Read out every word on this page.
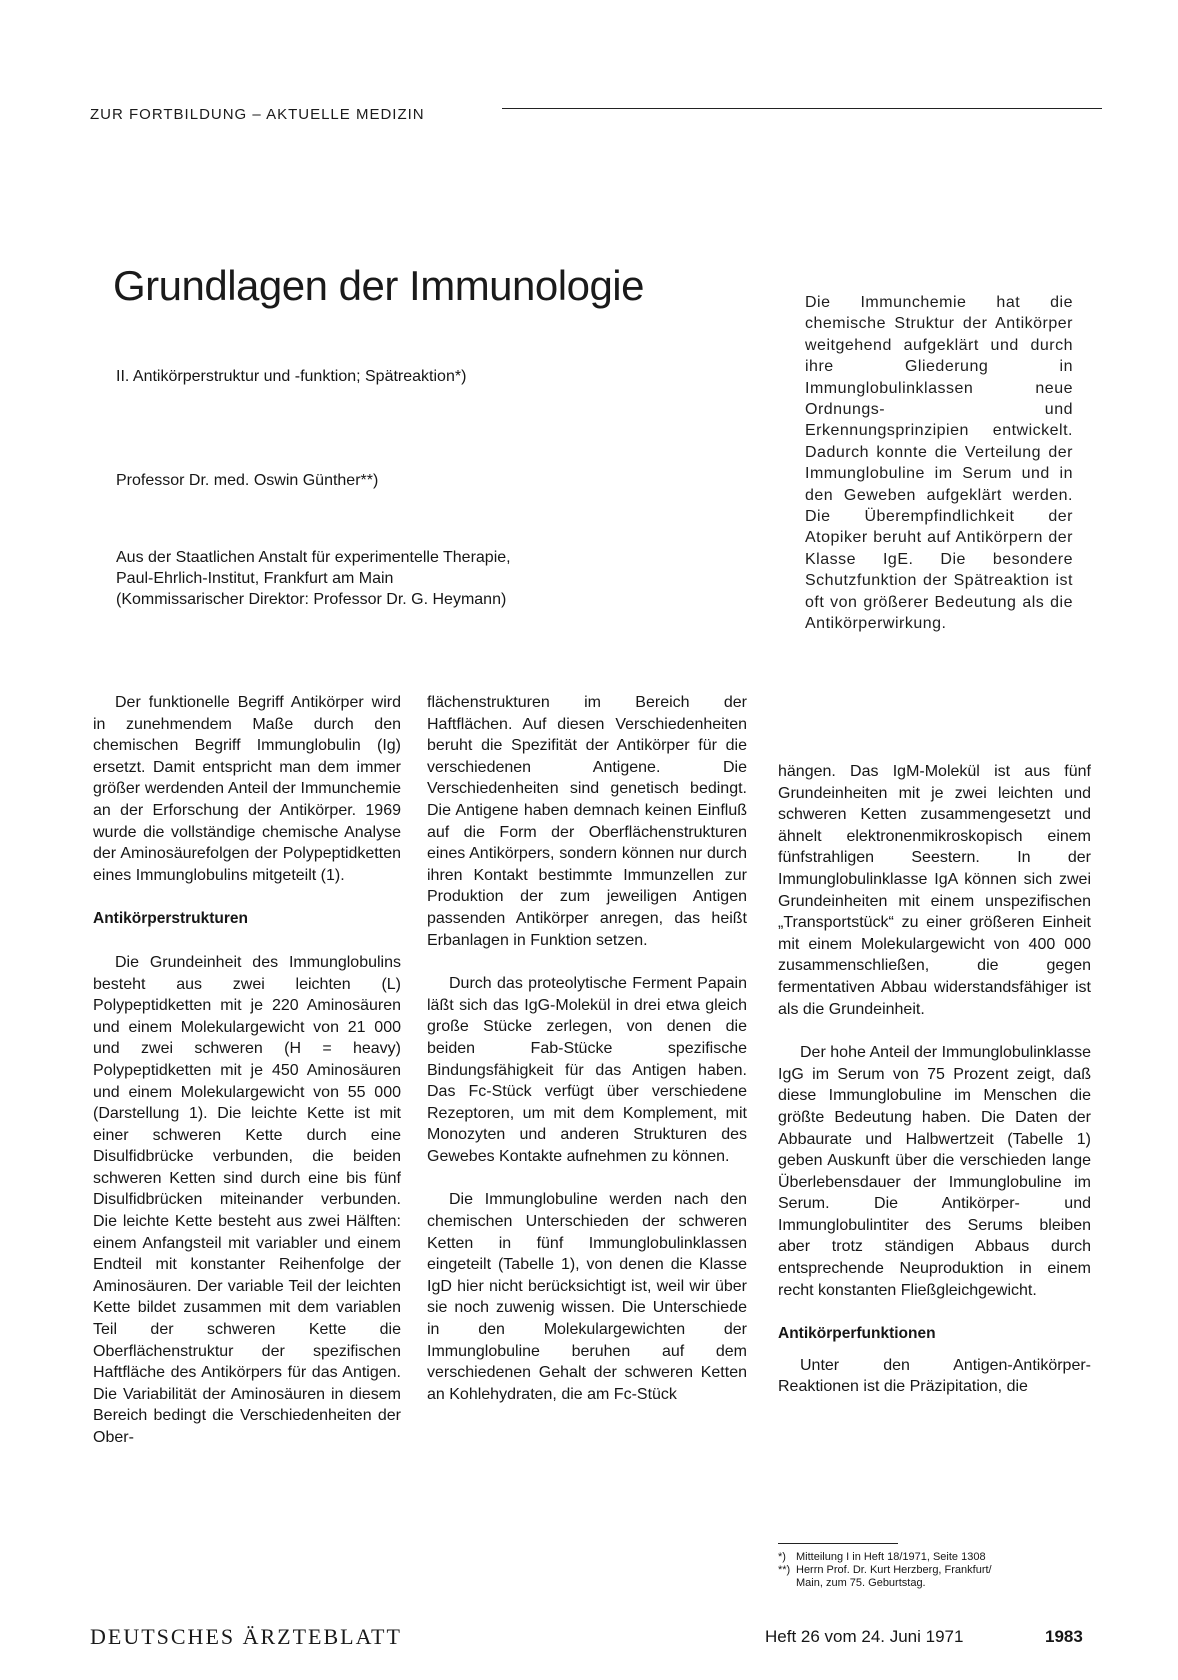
ZUR FORTBILDUNG – AKTUELLE MEDIZIN
Grundlagen der Immunologie
II. Antikörperstruktur und -funktion; Spätreaktion*)
Professor Dr. med. Oswin Günther**)
Aus der Staatlichen Anstalt für experimentelle Therapie,
Paul-Ehrlich-Institut, Frankfurt am Main
(Kommissarischer Direktor: Professor Dr. G. Heymann)

Die Immunchemie hat die chemische Struktur der Antikörper weitgehend aufgeklärt und durch ihre Gliederung in Immunglobulinklassen neue Ordnungs- und Erkennungsprinzipien entwickelt. Dadurch konnte die Verteilung der Immunglobuline im Serum und in den Geweben aufgeklärt werden. Die Überempfindlichkeit der Atopiker beruht auf Antikörpern der Klasse IgE. Die besondere Schutzfunktion der Spätreaktion ist oft von größerer Bedeutung als die Antikörperwirkung.

Der funktionelle Begriff Antikörper wird in zunehmendem Maße durch den chemischen Begriff Immunglobulin (Ig) ersetzt. Damit entspricht man dem immer größer werdenden Anteil der Immunchemie an der Erforschung der Antikörper. 1969 wurde die vollständige chemische Analyse der Aminosäurefolgen der Polypeptidketten eines Immunglobulins mitgeteilt (1).

Antikörperstrukturen

Die Grundeinheit des Immunglobulins besteht aus zwei leichten (L) Polypeptidketten mit je 220 Aminosäuren und einem Molekulargewicht von 21 000 und zwei schweren (H = heavy) Polypeptidketten mit je 450 Aminosäuren und einem Molekulargewicht von 55 000 (Darstellung 1). Die leichte Kette ist mit einer schweren Kette durch eine Disulfidbrücke verbunden, die beiden schweren Ketten sind durch eine bis fünf Disulfidbrücken miteinander verbunden. Die leichte Kette besteht aus zwei Hälften: einem Anfangsteil mit variabler und einem Endteil mit konstanter Reihenfolge der Aminosäuren. Der variable Teil der leichten Kette bildet zusammen mit dem variablen Teil der schweren Kette die Oberflächenstruktur der spezifischen Haftfläche des Antikörpers für das Antigen. Die Variabilität der Aminosäuren in diesem Bereich bedingt die Verschiedenheiten der Ober-

flächenstrukturen im Bereich der Haftflächen. Auf diesen Verschiedenheiten beruht die Spezifität der Antikörper für die verschiedenen Antigene. Die Verschiedenheiten sind genetisch bedingt. Die Antigene haben demnach keinen Einfluß auf die Form der Oberflächenstrukturen eines Antikörpers, sondern können nur durch ihren Kontakt bestimmte Immunzellen zur Produktion der zum jeweiligen Antigen passenden Antikörper anregen, das heißt Erbanlagen in Funktion setzen.

Durch das proteolytische Ferment Papain läßt sich das IgG-Molekül in drei etwa gleich große Stücke zerlegen, von denen die beiden Fab-Stücke spezifische Bindungsfähigkeit für das Antigen haben. Das Fc-Stück verfügt über verschiedene Rezeptoren, um mit dem Komplement, mit Monozyten und anderen Strukturen des Gewebes Kontakte aufnehmen zu können.

Die Immunglobuline werden nach den chemischen Unterschieden der schweren Ketten in fünf Immunglobulinklassen eingeteilt (Tabelle 1), von denen die Klasse IgD hier nicht berücksichtigt ist, weil wir über sie noch zuwenig wissen. Die Unterschiede in den Molekulargewichten der Immunglobuline beruhen auf dem verschiedenen Gehalt der schweren Ketten an Kohlehydraten, die am Fc-Stück

hängen. Das IgM-Molekül ist aus fünf Grundeinheiten mit je zwei leichten und schweren Ketten zusammengesetzt und ähnelt elektronenmikroskopisch einem fünfstrahligen Seestern. In der Immunglobulinklasse IgA können sich zwei Grundeinheiten mit einem unspezifischen „Transportstück“ zu einer größeren Einheit mit einem Molekulargewicht von 400 000 zusammenschließen, die gegen fermentativen Abbau widerstandsfähiger ist als die Grundeinheit.

Der hohe Anteil der Immunglobulinklasse IgG im Serum von 75 Prozent zeigt, daß diese Immunglobuline im Menschen die größte Bedeutung haben. Die Daten der Abbaurate und Halbwertzeit (Tabelle 1) geben Auskunft über die verschieden lange Überlebensdauer der Immunglobuline im Serum. Die Antikörper- und Immunglobulintiter des Serums bleiben aber trotz ständigen Abbaus durch entsprechende Neuproduktion in einem recht konstanten Fließgleichgewicht.

Antikörperfunktionen

Unter den Antigen-Antikörper-Reaktionen ist die Präzipitation, die

*) Mitteilung I in Heft 18/1971, Seite 1308
**) Herrn Prof. Dr. Kurt Herzberg, Frankfurt/
Main, zum 75. Geburtstag.
DEUTSCHES ÄRZTEBLATT	Heft 26 vom 24. Juni 1971	1983
